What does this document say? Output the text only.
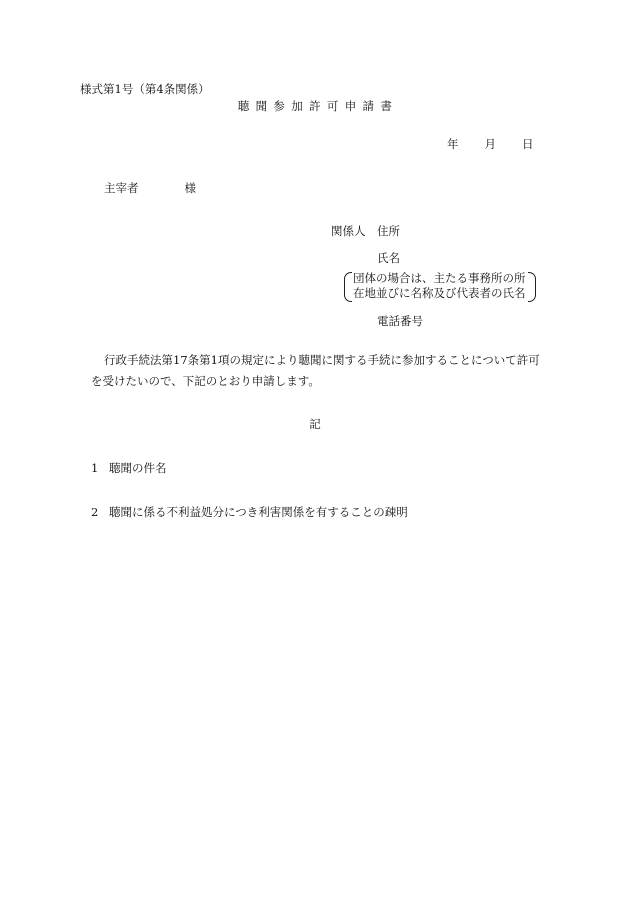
様式第1号（第4条関係）
聴聞参加許可申請書
年 月 日
主宰者	様
関係人 住所
氏名
団体の場合は、主たる事務所の所
在地並びに名称及び代表者の氏名
電話番号
行政手続法第17条第1項の規定により聴聞に関する手続に参加することについて許可
を受けたいので、下記のとおり申請します。
記
1 聴聞の件名
2 聴聞に係る不利益処分につき利害関係を有することの疎明
